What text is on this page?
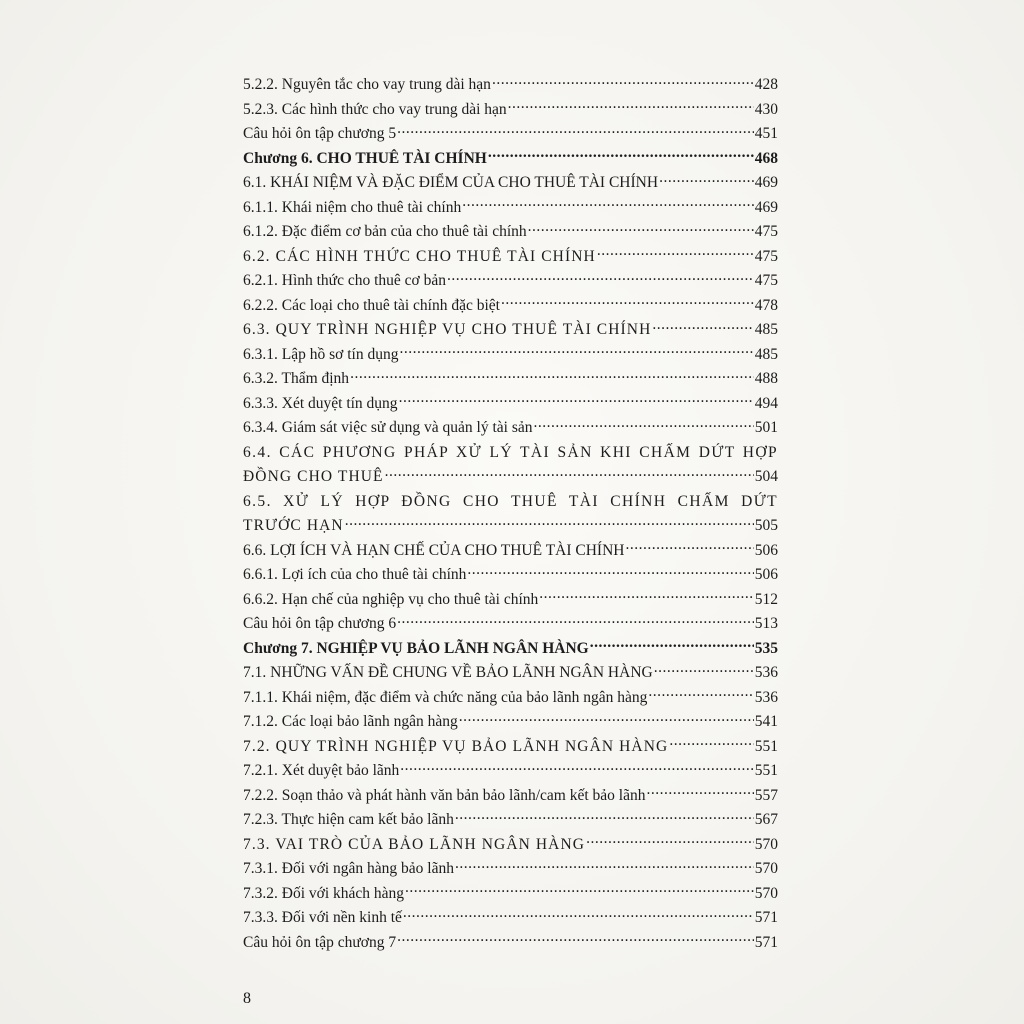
5.2.2. Nguyên tắc cho vay trung dài hạn .....	428
5.2.3. Các hình thức cho vay trung dài hạn .....	430
Câu hỏi ôn tập chương 5 .....	451
Chương 6. CHO THUÊ TÀI CHÍNH .....	468
6.1. KHÁI NIỆM VÀ ĐẶC ĐIỂM CỦA CHO THUÊ TÀI CHÍNH .....	469
6.1.1. Khái niệm cho thuê tài chính .....	469
6.1.2. Đặc điểm cơ bản của cho thuê tài chính .....	475
6.2. CÁC HÌNH THỨC CHO THUÊ TÀI CHÍNH .....	475
6.2.1. Hình thức cho thuê cơ bản .....	475
6.2.2. Các loại cho thuê tài chính đặc biệt .....	478
6.3. QUY TRÌNH NGHIỆP VỤ CHO THUÊ TÀI CHÍNH .....	485
6.3.1. Lập hồ sơ tín dụng .....	485
6.3.2. Thẩm định .....	488
6.3.3. Xét duyệt tín dụng .....	494
6.3.4. Giám sát việc sử dụng và quản lý tài sản .....	501
6.4. CÁC PHƯƠNG PHÁP XỬ LÝ TÀI SẢN KHI CHẤM DỨT HỢP
ĐỒNG CHO THUÊ .....	504
6.5. XỬ LÝ HỢP ĐỒNG CHO THUÊ TÀI CHÍNH CHẤM DỨT
TRƯỚC HẠN .....	505
6.6. LỢI ÍCH VÀ HẠN CHẾ CỦA CHO THUÊ TÀI CHÍNH .....	506
6.6.1. Lợi ích của cho thuê tài chính .....	506
6.6.2. Hạn chế của nghiệp vụ cho thuê tài chính .....	512
Câu hỏi ôn tập chương 6 .....	513
Chương 7. NGHIỆP VỤ BẢO LÃNH NGÂN HÀNG .....	535
7.1. NHỮNG VẤN ĐỀ CHUNG VỀ BẢO LÃNH NGÂN HÀNG .....	536
7.1.1. Khái niệm, đặc điểm và chức năng của bảo lãnh ngân hàng .....	536
7.1.2. Các loại bảo lãnh ngân hàng .....	541
7.2. QUY TRÌNH NGHIỆP VỤ BẢO LÃNH NGÂN HÀNG .....	551
7.2.1. Xét duyệt bảo lãnh .....	551
7.2.2. Soạn thảo và phát hành văn bản bảo lãnh/cam kết bảo lãnh .....	557
7.2.3. Thực hiện cam kết bảo lãnh .....	567
7.3. VAI TRÒ CỦA BẢO LÃNH NGÂN HÀNG .....	570
7.3.1. Đối với ngân hàng bảo lãnh .....	570
7.3.2. Đối với khách hàng .....	570
7.3.3. Đối với nền kinh tế .....	571
Câu hỏi ôn tập chương 7 .....	571
8
